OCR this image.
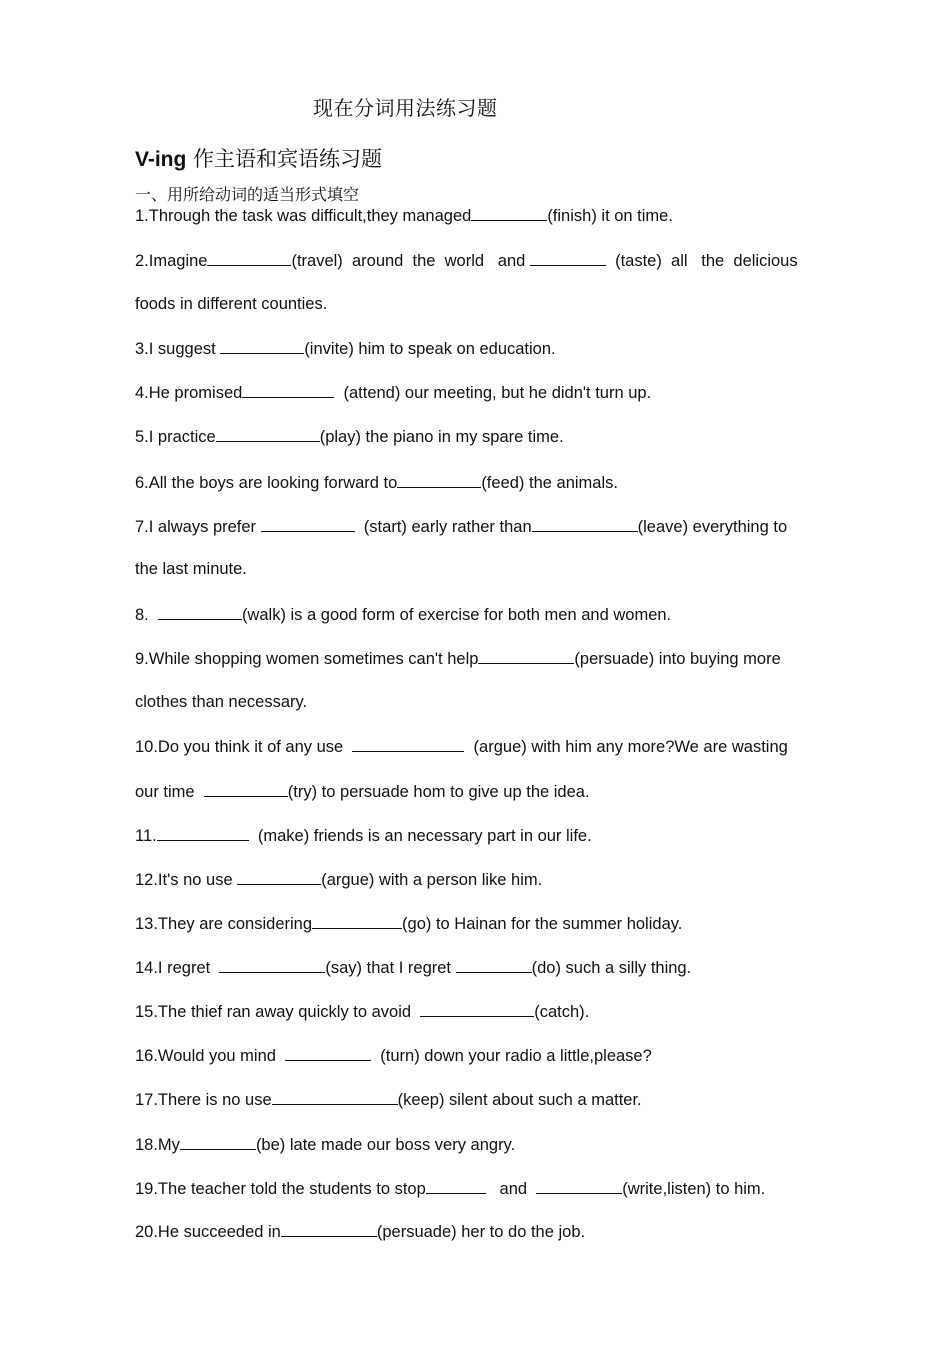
现在分词用法练习题
V-ing 作主语和宾语练习题
一、用所给动词的适当形式填空
1.Through the task was difficult,they managed	(finish) it on time.
2.Imagine	(travel)  around  the  world   and	(taste)  all   the  delicious
foods in different counties.
3.I suggest	(invite) him to speak on education.
4.He promised	(attend) our meeting, but he didn't turn up.
5.I practice	(play) the piano in my spare time.
6.All the boys are looking forward to	(feed) the animals.
7.I always prefer	(start) early rather than	(leave) everything to
the last minute.
8.	(walk) is a good form of exercise for both men and women.
9.While shopping women sometimes can't help	(persuade) into buying more
clothes than necessary.
10.Do you think it of any use	(argue) with him any more?We are wasting
our time	(try) to persuade hom to give up the idea.
11.	(make) friends is an necessary part in our life.
12.It's no use	(argue) with a person like him.
13.They are considering	(go) to Hainan for the summer holiday.
14.I regret	(say) that I regret	(do) such a silly thing.
15.The thief ran away quickly to avoid	(catch).
16.Would you mind	(turn) down your radio a little,please?
17.There is no use	(keep) silent about such a matter.
18.My	(be) late made our boss very angry.
19.The teacher told the students to stop	and	(write,listen) to him.
20.He succeeded in	(persuade) her to do the job.
